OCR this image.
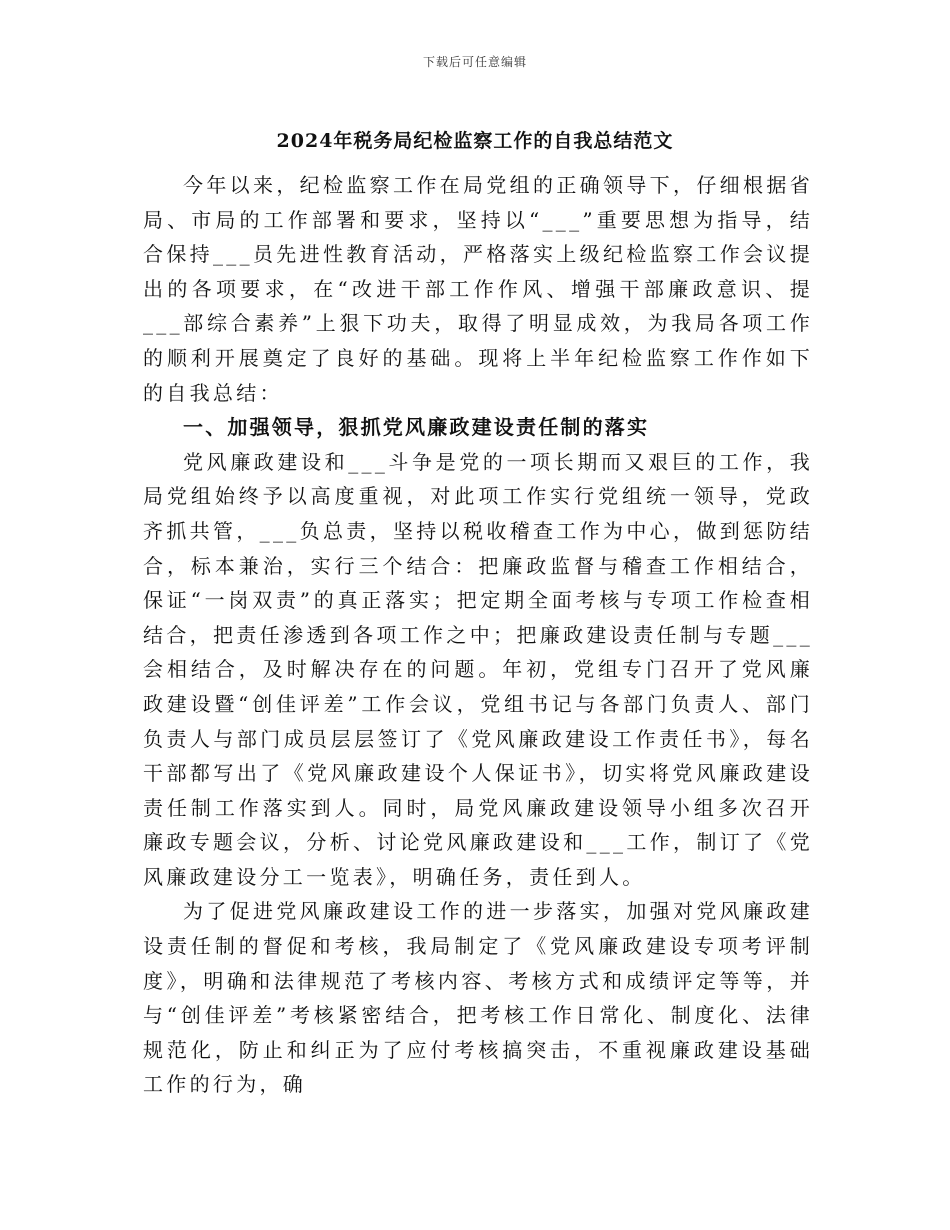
下载后可任意编辑
2024年税务局纪检监察工作的自我总结范文

今年以来，纪检监察工作在局党组的正确领导下，仔细根据省局、市局的工作部署和要求，坚持以“___”重要思想为指导，结合保持___员先进性教育活动，严格落实上级纪检监察工作会议提出的各项要求，在“改进干部工作作风、增强干部廉政意识、提___部综合素养”上狠下功夫，取得了明显成效，为我局各项工作的顺利开展奠定了良好的基础。现将上半年纪检监察工作作如下的自我总结：

一、加强领导，狠抓党风廉政建设责任制的落实

党风廉政建设和___斗争是党的一项长期而又艰巨的工作，我局党组始终予以高度重视，对此项工作实行党组统一领导，党政齐抓共管，___负总责，坚持以税收稽查工作为中心，做到惩防结合，标本兼治，实行三个结合：把廉政监督与稽查工作相结合，保证“一岗双责”的真正落实；把定期全面考核与专项工作检查相结合，把责任渗透到各项工作之中；把廉政建设责任制与专题___会相结合，及时解决存在的问题。年初，党组专门召开了党风廉政建设暨“创佳评差”工作会议，党组书记与各部门负责人、部门负责人与部门成员层层签订了《党风廉政建设工作责任书》，每名干部都写出了《党风廉政建设个人保证书》，切实将党风廉政建设责任制工作落实到人。同时，局党风廉政建设领导小组多次召开廉政专题会议，分析、讨论党风廉政建设和___工作，制订了《党风廉政建设分工一览表》，明确任务，责任到人。

为了促进党风廉政建设工作的进一步落实，加强对党风廉政建设责任制的督促和考核，我局制定了《党风廉政建设专项考评制度》，明确和法律规范了考核内容、考核方式和成绩评定等等，并与“创佳评差”考核紧密结合，把考核工作日常化、制度化、法律规范化，防止和纠正为了应付考核搞突击，不重视廉政建设基础工作的行为，确
